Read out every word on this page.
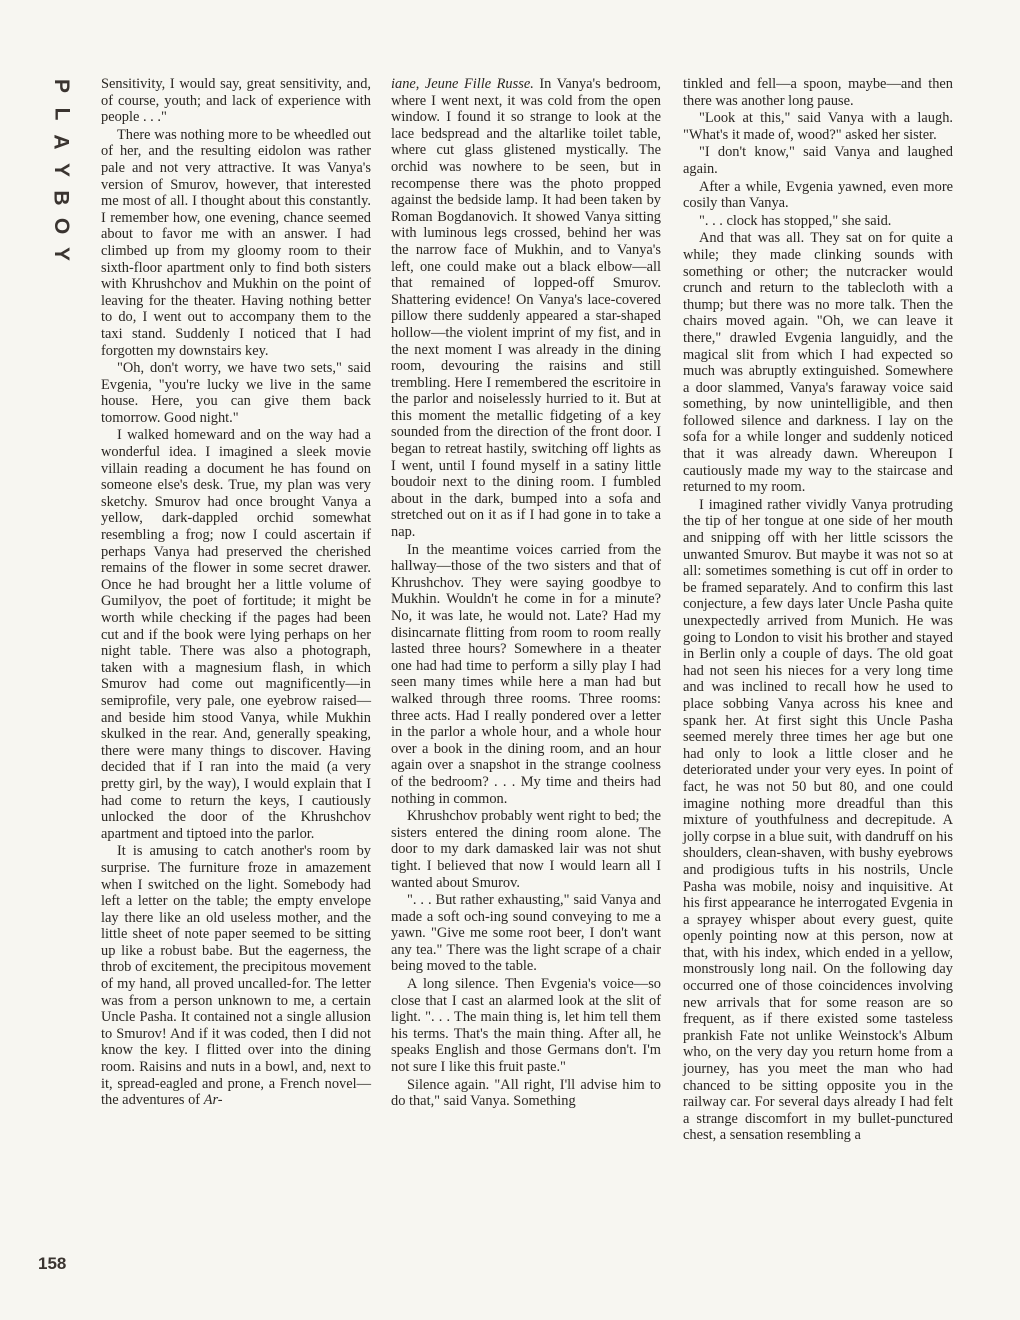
P
L
A
Y
B
O
Y
158

Sensitivity, I would say, great sensitivity, and, of course, youth; and lack of experience with people . . ."

There was nothing more to be wheedled out of her, and the resulting eidolon was rather pale and not very attractive. It was Vanya's version of Smurov, however, that interested me most of all. I thought about this constantly. I remember how, one evening, chance seemed about to favor me with an answer. I had climbed up from my gloomy room to their sixth-floor apartment only to find both sisters with Khrushchov and Mukhin on the point of leaving for the theater. Having nothing better to do, I went out to accompany them to the taxi stand. Suddenly I noticed that I had forgotten my downstairs key.

"Oh, don't worry, we have two sets," said Evgenia, "you're lucky we live in the same house. Here, you can give them back tomorrow. Good night."

I walked homeward and on the way had a wonderful idea. I imagined a sleek movie villain reading a document he has found on someone else's desk. True, my plan was very sketchy. Smurov had once brought Vanya a yellow, dark-dappled orchid somewhat resembling a frog; now I could ascertain if perhaps Vanya had preserved the cherished remains of the flower in some secret drawer. Once he had brought her a little volume of Gumilyov, the poet of fortitude; it might be worth while checking if the pages had been cut and if the book were lying perhaps on her night table. There was also a photograph, taken with a magnesium flash, in which Smurov had come out magnificently—in semiprofile, very pale, one eyebrow raised—and beside him stood Vanya, while Mukhin skulked in the rear. And, generally speaking, there were many things to discover. Having decided that if I ran into the maid (a very pretty girl, by the way), I would explain that I had come to return the keys, I cautiously unlocked the door of the Khrushchov apartment and tiptoed into the parlor.

It is amusing to catch another's room by surprise. The furniture froze in amazement when I switched on the light. Somebody had left a letter on the table; the empty envelope lay there like an old useless mother, and the little sheet of note paper seemed to be sitting up like a robust babe. But the eagerness, the throb of excitement, the precipitous movement of my hand, all proved uncalled-for. The letter was from a person unknown to me, a certain Uncle Pasha. It contained not a single allusion to Smurov! And if it was coded, then I did not know the key. I flitted over into the dining room. Raisins and nuts in a bowl, and, next to it, spread-eagled and prone, a French novel—the adventures of Ar-

iane, Jeune Fille Russe. In Vanya's bedroom, where I went next, it was cold from the open window. I found it so strange to look at the lace bedspread and the altarlike toilet table, where cut glass glistened mystically. The orchid was nowhere to be seen, but in recompense there was the photo propped against the bedside lamp. It had been taken by Roman Bogdanovich. It showed Vanya sitting with luminous legs crossed, behind her was the narrow face of Mukhin, and to Vanya's left, one could make out a black elbow—all that remained of lopped-off Smurov. Shattering evidence! On Vanya's lace-covered pillow there suddenly appeared a star-shaped hollow—the violent imprint of my fist, and in the next moment I was already in the dining room, devouring the raisins and still trembling. Here I remembered the escritoire in the parlor and noiselessly hurried to it. But at this moment the metallic fidgeting of a key sounded from the direction of the front door. I began to retreat hastily, switching off lights as I went, until I found myself in a satiny little boudoir next to the dining room. I fumbled about in the dark, bumped into a sofa and stretched out on it as if I had gone in to take a nap.

In the meantime voices carried from the hallway—those of the two sisters and that of Khrushchov. They were saying goodbye to Mukhin. Wouldn't he come in for a minute? No, it was late, he would not. Late? Had my disincarnate flitting from room to room really lasted three hours? Somewhere in a theater one had had time to perform a silly play I had seen many times while here a man had but walked through three rooms. Three rooms: three acts. Had I really pondered over a letter in the parlor a whole hour, and a whole hour over a book in the dining room, and an hour again over a snapshot in the strange coolness of the bedroom? . . . My time and theirs had nothing in common.

Khrushchov probably went right to bed; the sisters entered the dining room alone. The door to my dark damasked lair was not shut tight. I believed that now I would learn all I wanted about Smurov.

". . . But rather exhausting," said Vanya and made a soft och-ing sound conveying to me a yawn. "Give me some root beer, I don't want any tea." There was the light scrape of a chair being moved to the table.

A long silence. Then Evgenia's voice—so close that I cast an alarmed look at the slit of light. ". . . The main thing is, let him tell them his terms. That's the main thing. After all, he speaks English and those Germans don't. I'm not sure I like this fruit paste."

Silence again. "All right, I'll advise him to do that," said Vanya. Something

tinkled and fell—a spoon, maybe—and then there was another long pause.

"Look at this," said Vanya with a laugh. "What's it made of, wood?" asked her sister.

"I don't know," said Vanya and laughed again.

After a while, Evgenia yawned, even more cosily than Vanya.

". . . clock has stopped," she said.

And that was all. They sat on for quite a while; they made clinking sounds with something or other; the nutcracker would crunch and return to the tablecloth with a thump; but there was no more talk. Then the chairs moved again. "Oh, we can leave it there," drawled Evgenia languidly, and the magical slit from which I had expected so much was abruptly extinguished. Somewhere a door slammed, Vanya's faraway voice said something, by now unintelligible, and then followed silence and darkness. I lay on the sofa for a while longer and suddenly noticed that it was already dawn. Whereupon I cautiously made my way to the staircase and returned to my room.

I imagined rather vividly Vanya protruding the tip of her tongue at one side of her mouth and snipping off with her little scissors the unwanted Smurov. But maybe it was not so at all: sometimes something is cut off in order to be framed separately. And to confirm this last conjecture, a few days later Uncle Pasha quite unexpectedly arrived from Munich. He was going to London to visit his brother and stayed in Berlin only a couple of days. The old goat had not seen his nieces for a very long time and was inclined to recall how he used to place sobbing Vanya across his knee and spank her. At first sight this Uncle Pasha seemed merely three times her age but one had only to look a little closer and he deteriorated under your very eyes. In point of fact, he was not 50 but 80, and one could imagine nothing more dreadful than this mixture of youthfulness and decrepitude. A jolly corpse in a blue suit, with dandruff on his shoulders, clean-shaven, with bushy eyebrows and prodigious tufts in his nostrils, Uncle Pasha was mobile, noisy and inquisitive. At his first appearance he interrogated Evgenia in a sprayey whisper about every guest, quite openly pointing now at this person, now at that, with his index, which ended in a yellow, monstrously long nail. On the following day occurred one of those coincidences involving new arrivals that for some reason are so frequent, as if there existed some tasteless prankish Fate not unlike Weinstock's Album who, on the very day you return home from a journey, has you meet the man who had chanced to be sitting opposite you in the railway car. For several days already I had felt a strange discomfort in my bullet-punctured chest, a sensation resembling a
